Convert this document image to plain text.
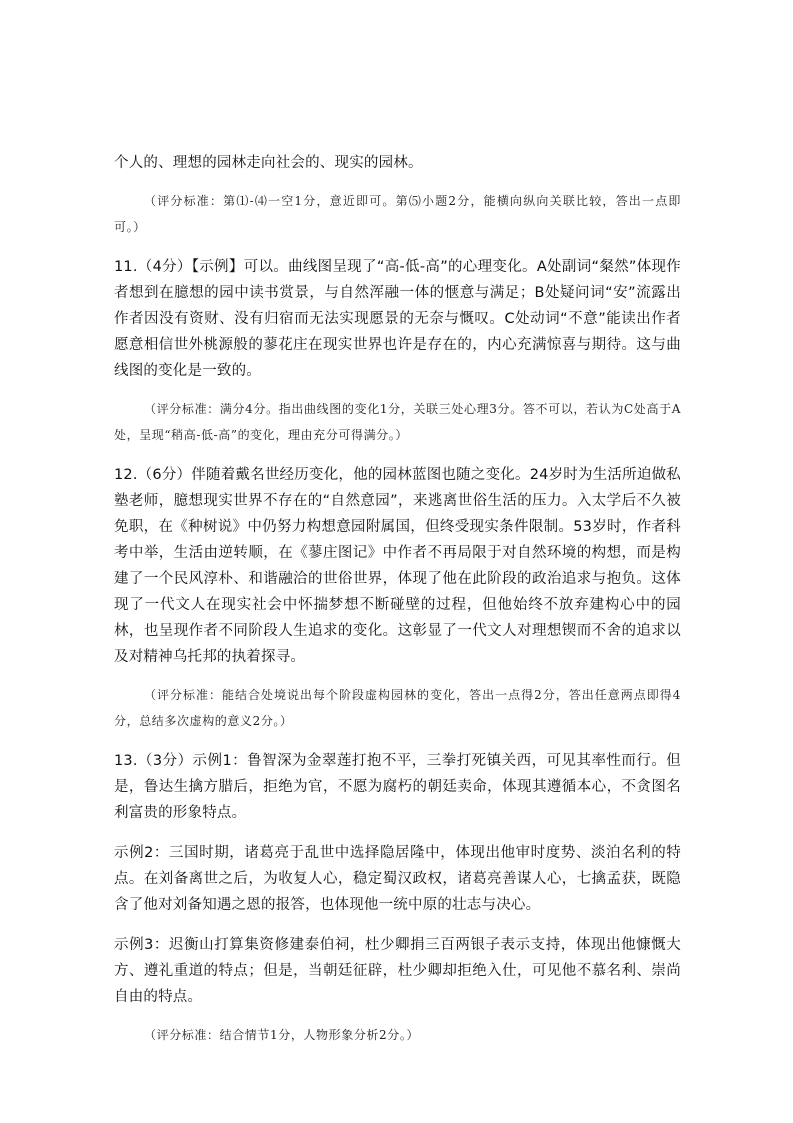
个人的、理想的园林走向社会的、现实的园林。

（评分标准：第⑴-⑷一空1分，意近即可。第⑸小题2分，能横向纵向关联比较，答出一点即可。）

11.（4分）【示例】可以。曲线图呈现了“高-低-高”的心理变化。A处副词“粲然”体现作者想到在臆想的园中读书赏景，与自然浑融一体的惬意与满足；B处疑问词“安”流露出作者因没有资财、没有归宿而无法实现愿景的无奈与慨叹。C处动词“不意”能读出作者愿意相信世外桃源般的蓼花庄在现实世界也许是存在的，内心充满惊喜与期待。这与曲线图的变化是一致的。

（评分标准：满分4分。指出曲线图的变化1分，关联三处心理3分。答不可以，若认为C处高于A处，呈现“稍高-低-高”的变化，理由充分可得满分。）

12.（6分）伴随着戴名世经历变化，他的园林蓝图也随之变化。24岁时为生活所迫做私塾老师，臆想现实世界不存在的“自然意园”，来逃离世俗生活的压力。入太学后不久被免职，在《种树说》中仍努力构想意园附属国，但终受现实条件限制。53岁时，作者科考中举，生活由逆转顺，在《蓼庄图记》中作者不再局限于对自然环境的构想，而是构建了一个民风淳朴、和谐融洽的世俗世界，体现了他在此阶段的政治追求与抱负。这体现了一代文人在现实社会中怀揣梦想不断碰壁的过程，但他始终不放弃建构心中的园林，也呈现作者不同阶段人生追求的变化。这彰显了一代文人对理想锲而不舍的追求以及对精神乌托邦的执着探寻。

（评分标准：能结合处境说出每个阶段虚构园林的变化，答出一点得2分，答出任意两点即得4分，总结多次虚构的意义2分。）

13.（3分）示例1：鲁智深为金翠莲打抱不平，三拳打死镇关西，可见其率性而行。但是，鲁达生擒方腊后，拒绝为官，不愿为腐朽的朝廷卖命，体现其遵循本心，不贪图名利富贵的形象特点。

示例2：三国时期，诸葛亮于乱世中选择隐居隆中，体现出他审时度势、淡泊名利的特点。在刘备离世之后，为收复人心，稳定蜀汉政权，诸葛亮善谋人心，七擒孟获，既隐含了他对刘备知遇之恩的报答，也体现他一统中原的壮志与决心。

示例3：迟衡山打算集资修建泰伯祠，杜少卿捐三百两银子表示支持，体现出他慷慨大方、遵礼重道的特点；但是，当朝廷征辟，杜少卿却拒绝入仕，可见他不慕名利、崇尚自由的特点。

（评分标准：结合情节1分，人物形象分析2分。）
